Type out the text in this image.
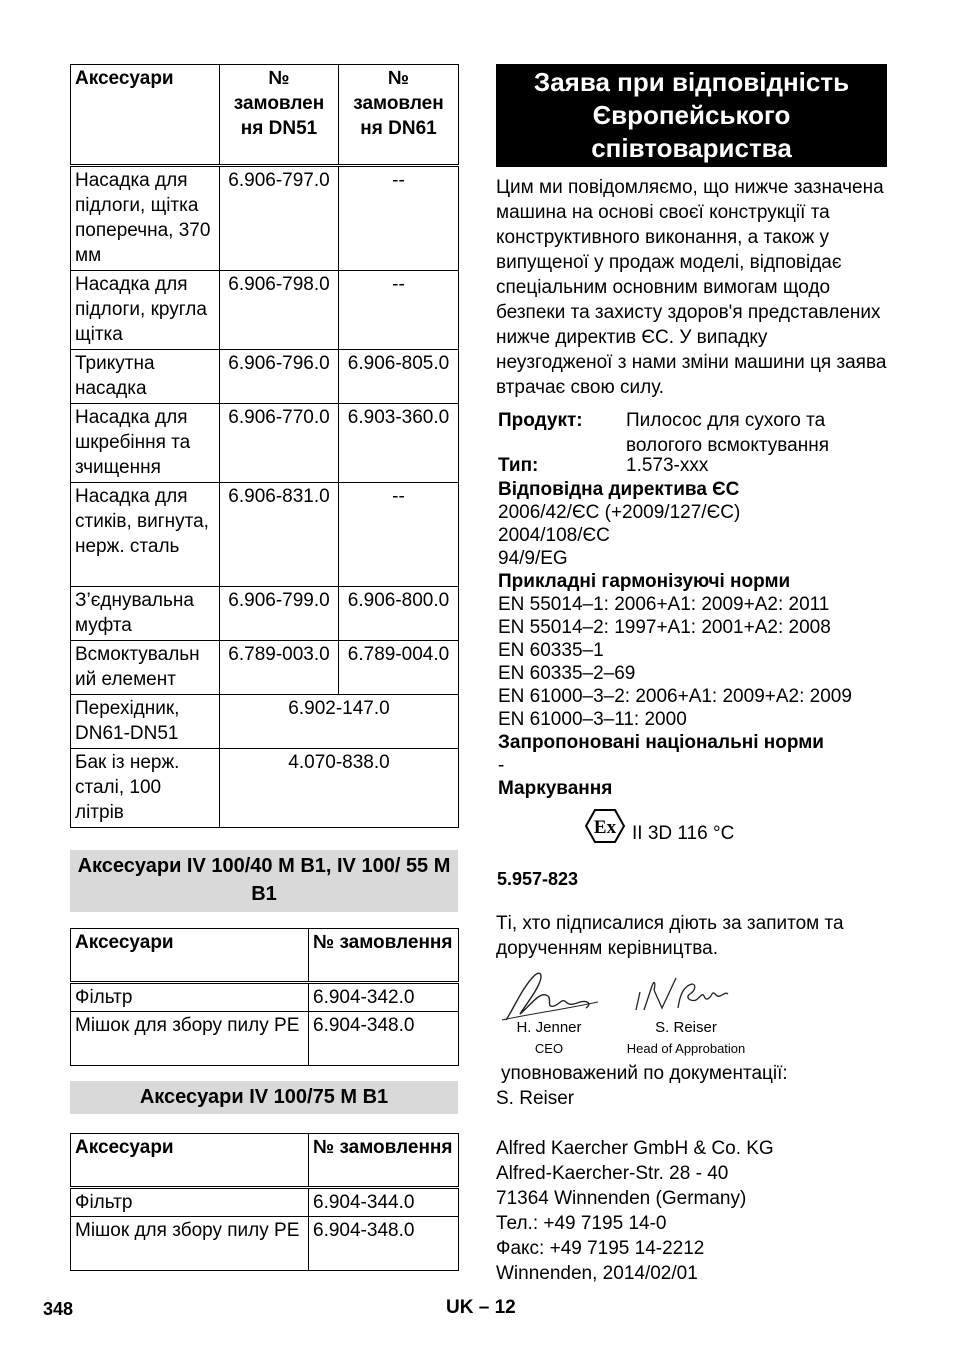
Аксесуари	№ замовлен ня DN51	№ замовлен ня DN61
Насадка для підлоги, щітка поперечна, 370 мм	6.906-797.0	--
Насадка для підлоги, кругла щітка	6.906-798.0	--
Трикутна насадка	6.906-796.0	6.906-805.0
Насадка для шкребіння та зчищення	6.906-770.0	6.903-360.0
Насадка для стиків, вигнута, нерж. сталь	6.906-831.0	--
З’єднувальна муфта	6.906-799.0	6.906-800.0
Всмоктувальн ий елемент	6.789-003.0	6.789-004.0
Перехідник, DN61-DN51	6.902-147.0	
Бак із нерж. сталі, 100 літрів	4.070-838.0	
Аксесуари IV 100/40 M B1, IV 100/ 55 M B1
Аксесуари	№ замовлення
Фільтр	6.904-342.0
Мішок для збору пилу PE	6.904-348.0
Аксесуари IV 100/75 M B1
Аксесуари	№ замовлення
Фільтр	6.904-344.0
Мішок для збору пилу PE	6.904-348.0
Заява при відповідність Європейського співтовариства
Цим ми повідомляємо, що нижче зазначена машина на основі своєї конструкції та конструктивного виконання, а також у випущеної у продаж моделі, відповідає спеціальним основним вимогам щодо безпеки та захисту здоров'я представлених нижче директив ЄС. У випадку неузгодженої з нами зміни машини ця заява втрачає свою силу.
Продукт: Пилосос для сухого та вологого всмоктування
Тип:	1.573-xxx
Відповідна директива ЄС
2006/42/ЄС (+2009/127/ЄС)
2004/108/ЄС
94/9/EG
Прикладні гармонізуючі норми
EN 55014–1: 2006+A1: 2009+A2: 2011
EN 55014–2: 1997+A1: 2001+A2: 2008
EN 60335–1
EN 60335–2–69
EN 61000–3–2: 2006+A1: 2009+A2: 2009
EN 61000–3–11: 2000
Запропоновані національні норми
-
Маркування
Ex II 3D 116 °C
5.957-823
Ті, хто підписалися діють за запитом та дорученням керівництва.
H. Jenner
CEO
S. Reiser
Head of Approbation
уповноважений по документації:
S. Reiser
Alfred Kaercher GmbH & Co. KG
Alfred-Kaercher-Str. 28 - 40
71364 Winnenden (Germany)
Тел.: +49 7195 14-0
Факс: +49 7195 14-2212
Winnenden, 2014/02/01
348	UK – 12
